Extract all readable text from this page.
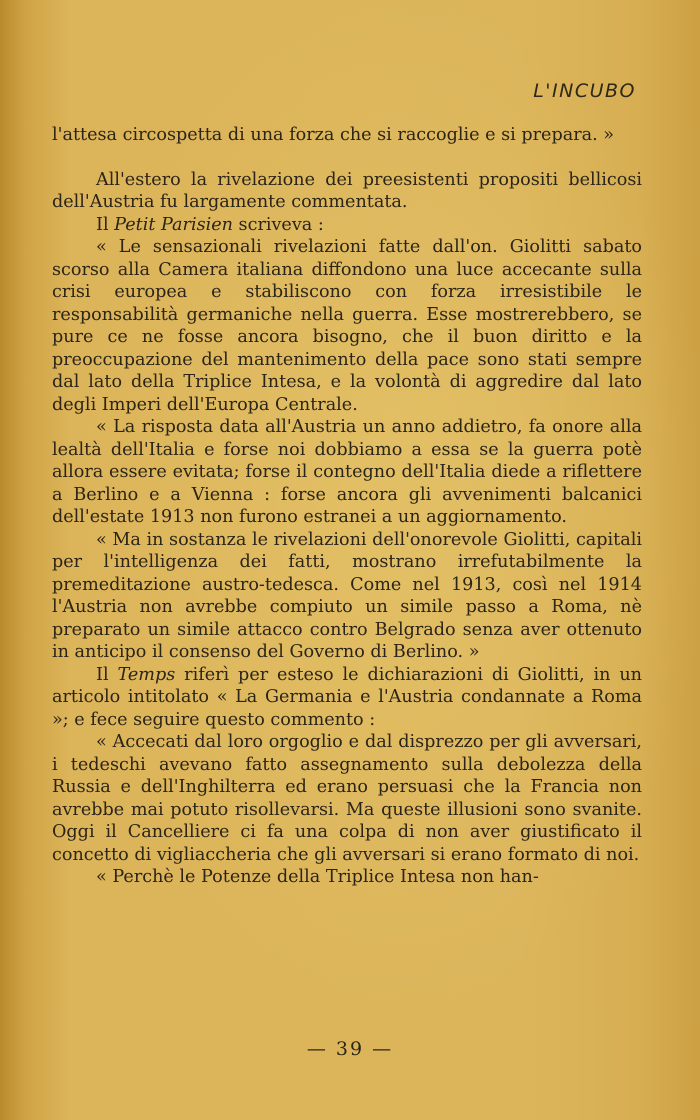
L'INCUBO

l'attesa circospetta di una forza che si raccoglie e si prepara. »

All'estero la rivelazione dei preesistenti propositi bellicosi dell'Austria fu largamente commentata.

Il Petit Parisien scriveva :

« Le sensazionali rivelazioni fatte dall'on. Giolitti sabato scorso alla Camera italiana diffondono una luce accecante sulla crisi europea e stabiliscono con forza irresistibile le responsabilità germaniche nella guerra. Esse mostrerebbero, se pure ce ne fosse ancora bisogno, che il buon diritto e la preoccupazione del mantenimento della pace sono stati sempre dal lato della Triplice Intesa, e la volontà di aggredire dal lato degli Imperi dell'Europa Centrale.

« La risposta data all'Austria un anno addietro, fa onore alla lealtà dell'Italia e forse noi dobbiamo a essa se la guerra potè allora essere evitata; forse il contegno dell'Italia diede a riflettere a Berlino e a Vienna : forse ancora gli avvenimenti balcanici dell'estate 1913 non furono estranei a un aggiornamento.

« Ma in sostanza le rivelazioni dell'onorevole Giolitti, capitali per l'intelligenza dei fatti, mostrano irrefutabilmente la premeditazione austro-tedesca. Come nel 1913, così nel 1914 l'Austria non avrebbe compiuto un simile passo a Roma, nè preparato un simile attacco contro Belgrado senza aver ottenuto in anticipo il consenso del Governo di Berlino. »

Il Temps riferì per esteso le dichiarazioni di Giolitti, in un articolo intitolato « La Germania e l'Austria condannate a Roma »; e fece seguire questo commento :

« Accecati dal loro orgoglio e dal disprezzo per gli avversari, i tedeschi avevano fatto assegnamento sulla debolezza della Russia e dell'Inghilterra ed erano persuasi che la Francia non avrebbe mai potuto risollevarsi. Ma queste illusioni sono svanite. Oggi il Cancelliere ci fa una colpa di non aver giustificato il concetto di vigliaccheria che gli avversari si erano formato di noi.

« Perchè le Potenze della Triplice Intesa non han-

— 39 —
